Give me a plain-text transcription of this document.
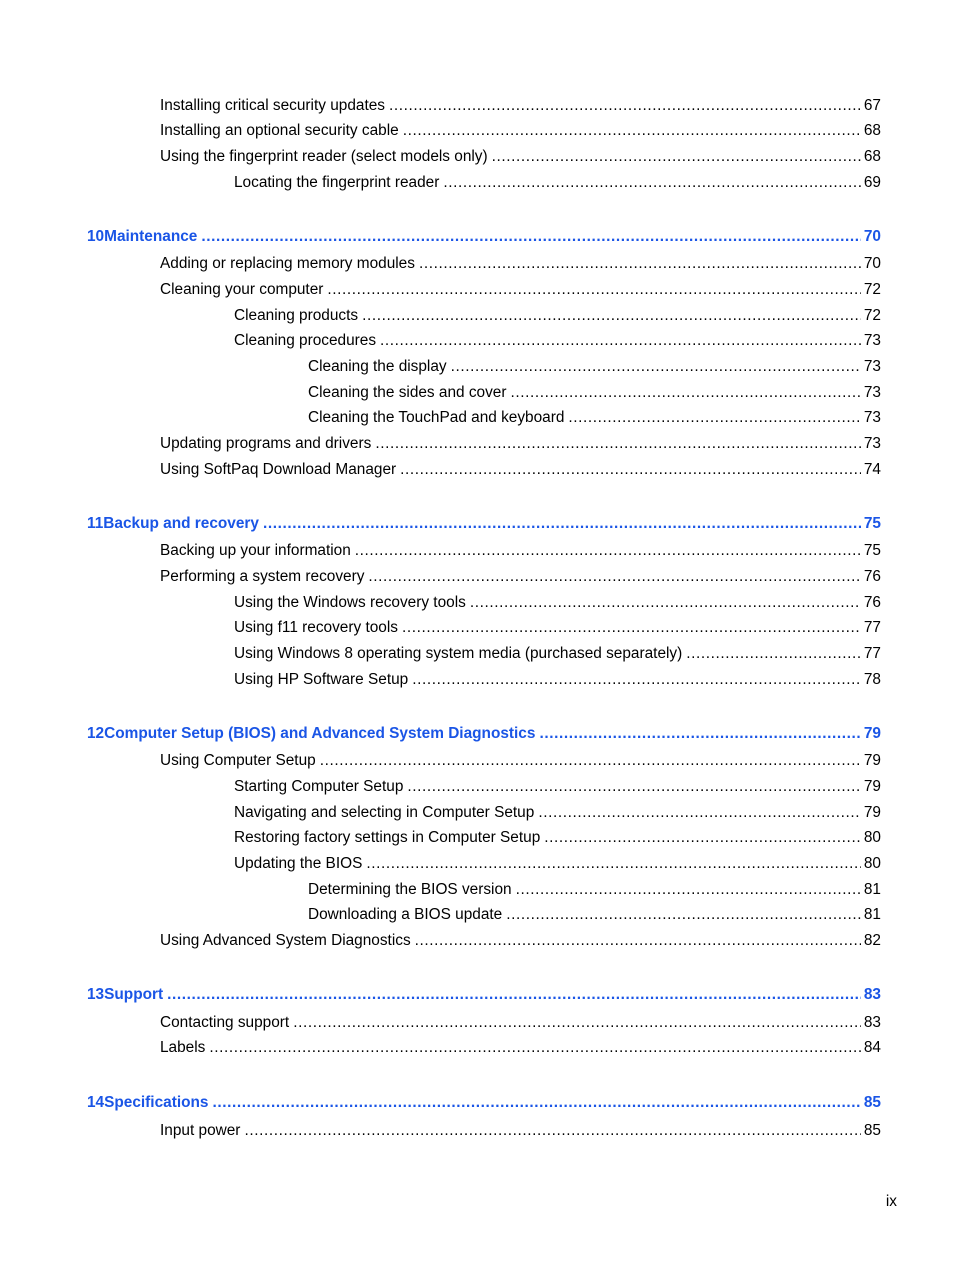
Installing critical security updates .....	67
Installing an optional security cable .....	68
Using the fingerprint reader (select models only) .....	68
Locating the fingerprint reader .....	69
10 Maintenance .....	70
Adding or replacing memory modules .....	70
Cleaning your computer .....	72
Cleaning products .....	72
Cleaning procedures .....	73
Cleaning the display .....	73
Cleaning the sides and cover .....	73
Cleaning the TouchPad and keyboard .....	73
Updating programs and drivers .....	73
Using SoftPaq Download Manager .....	74
11 Backup and recovery .....	75
Backing up your information .....	75
Performing a system recovery .....	76
Using the Windows recovery tools .....	76
Using f11 recovery tools .....	77
Using Windows 8 operating system media (purchased separately) .....	77
Using HP Software Setup .....	78
12 Computer Setup (BIOS) and Advanced System Diagnostics .....	79
Using Computer Setup .....	79
Starting Computer Setup .....	79
Navigating and selecting in Computer Setup .....	79
Restoring factory settings in Computer Setup .....	80
Updating the BIOS .....	80
Determining the BIOS version .....	81
Downloading a BIOS update .....	81
Using Advanced System Diagnostics .....	82
13 Support .....	83
Contacting support .....	83
Labels .....	84
14 Specifications .....	85
Input power .....	85
ix
